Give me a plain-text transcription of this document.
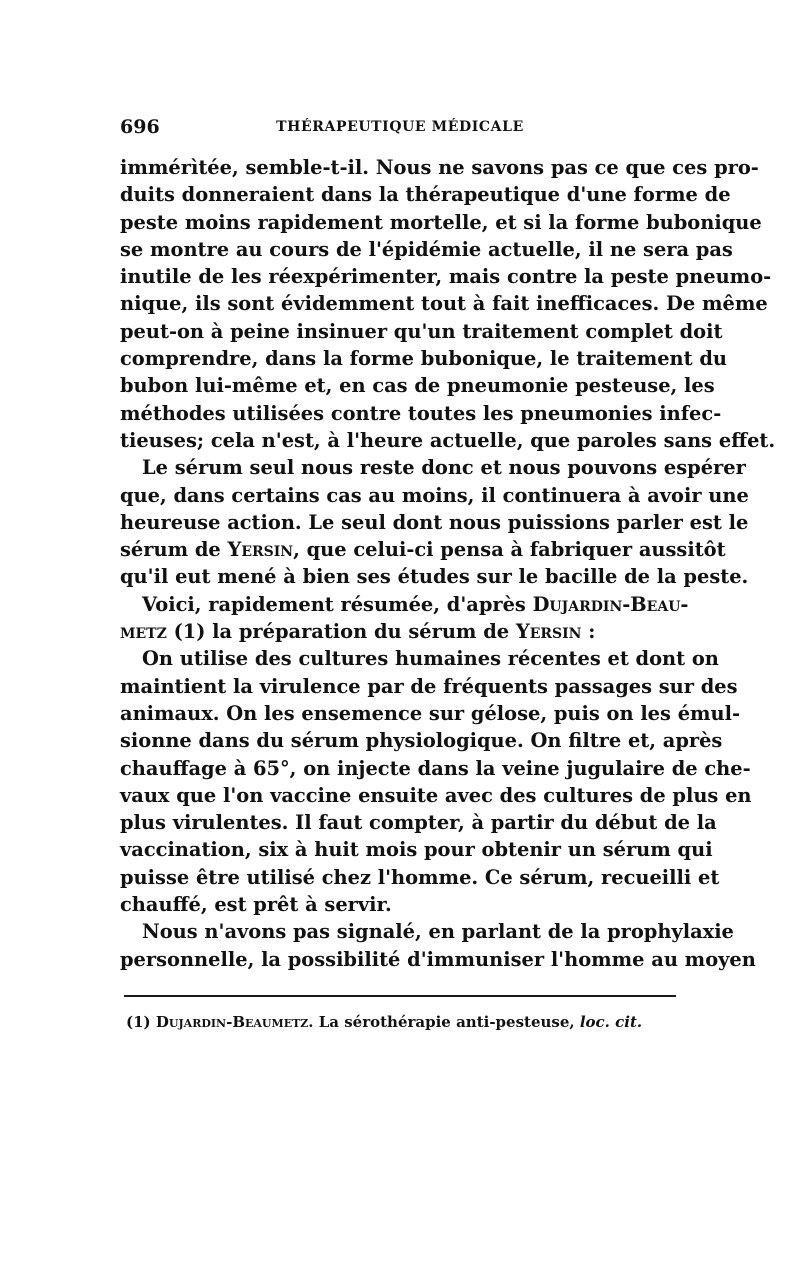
696	THÉRAPEUTIQUE MÉDICALE
immérìtée, semble-t-il. Nous ne savons pas ce que ces pro-
duits donneraient dans la thérapeutique d'une forme de
peste moins rapidement mortelle, et si la forme bubonique
se montre au cours de l'épidémie actuelle, il ne sera pas
inutile de les réexpérimenter, mais contre la peste pneumo-
nique, ils sont évidemment tout à fait inefficaces. De même
peut-on à peine insinuer qu'un traitement complet doit
comprendre, dans la forme bubonique, le traitement du
bubon lui-même et, en cas de pneumonie pesteuse, les
méthodes utilisées contre toutes les pneumonies infec-
tieuses; cela n'est, à l'heure actuelle, que paroles sans effet.
Le sérum seul nous reste donc et nous pouvons espérer
que, dans certains cas au moins, il continuera à avoir une
heureuse action. Le seul dont nous puissions parler est le
sérum de Yersin, que celui-ci pensa à fabriquer aussitôt
qu'il eut mené à bien ses études sur le bacille de la peste.
Voici, rapidement résumée, d'après Dujardin-Beau-
metz (1) la préparation du sérum de Yersin :
On utilise des cultures humaines récentes et dont on
maintient la virulence par de fréquents passages sur des
animaux. On les ensemence sur gélose, puis on les émul-
sionne dans du sérum physiologique. On filtre et, après
chauffage à 65°, on injecte dans la veine jugulaire de che-
vaux que l'on vaccine ensuite avec des cultures de plus en
plus virulentes. Il faut compter, à partir du début de la
vaccination, six à huit mois pour obtenir un sérum qui
puisse être utilisé chez l'homme. Ce sérum, recueilli et
chauffé, est prêt à servir.
Nous n'avons pas signalé, en parlant de la prophylaxie
personnelle, la possibilité d'immuniser l'homme au moyen
(1) Dujardin-Beaumetz. La sérothérapie anti-pesteuse, loc. cit.
